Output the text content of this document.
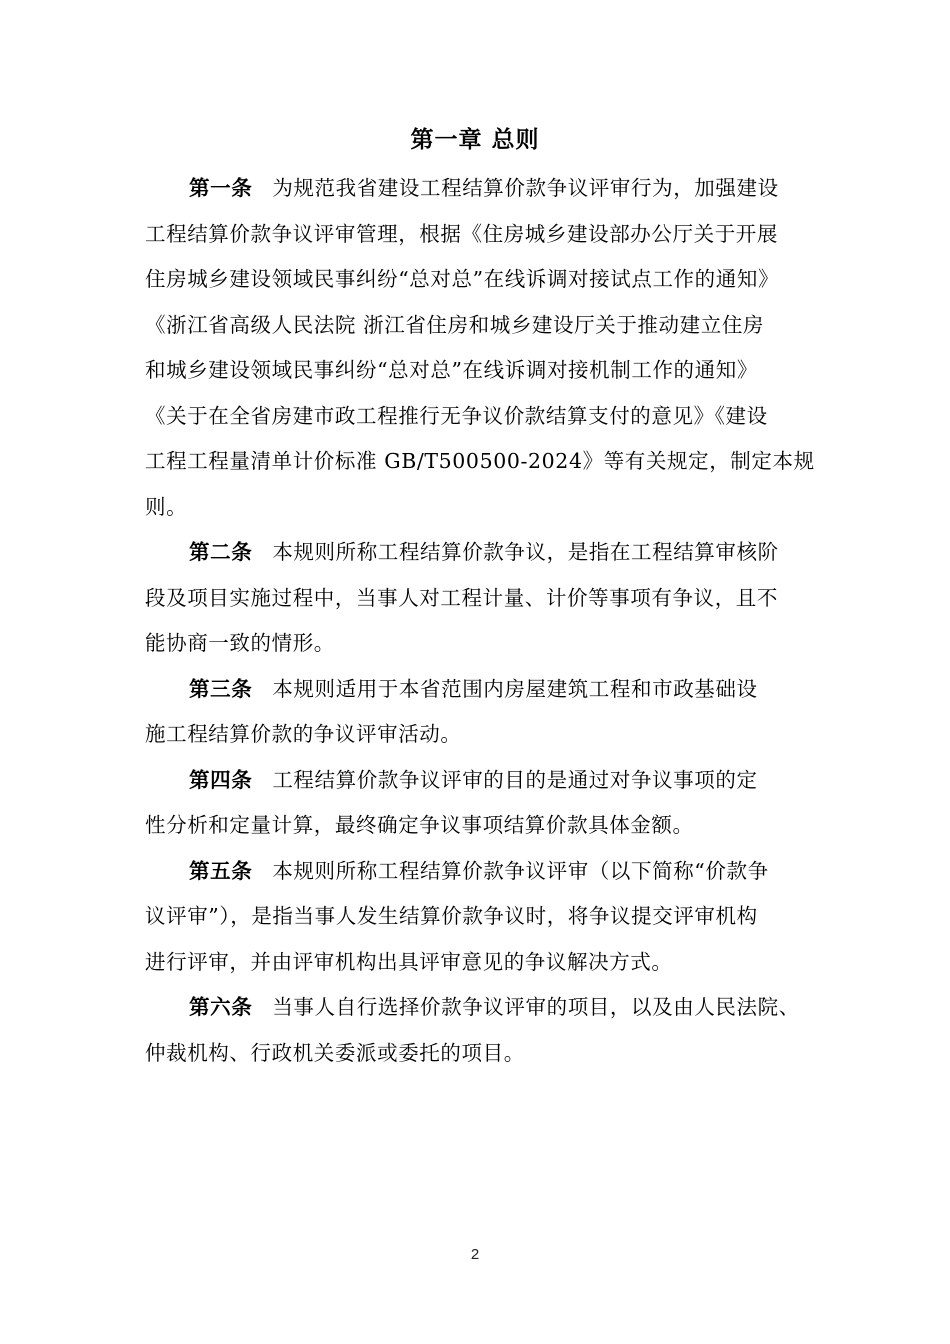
第一章 总则
第一条 为规范我省建设工程结算价款争议评审行为，加强建设
工程结算价款争议评审管理，根据《住房城乡建设部办公厅关于开展
住房城乡建设领域民事纠纷“总对总”在线诉调对接试点工作的通知》
《浙江省高级人民法院 浙江省住房和城乡建设厅关于推动建立住房
和城乡建设领域民事纠纷“总对总”在线诉调对接机制工作的通知》
《关于在全省房建市政工程推行无争议价款结算支付的意见》《建设
工程工程量清单计价标准 GB/T500500-2024》等有关规定，制定本规
则。
第二条 本规则所称工程结算价款争议，是指在工程结算审核阶
段及项目实施过程中，当事人对工程计量、计价等事项有争议，且不
能协商一致的情形。
第三条 本规则适用于本省范围内房屋建筑工程和市政基础设
施工程结算价款的争议评审活动。
第四条 工程结算价款争议评审的目的是通过对争议事项的定
性分析和定量计算，最终确定争议事项结算价款具体金额。
第五条 本规则所称工程结算价款争议评审（以下简称“价款争
议评审”），是指当事人发生结算价款争议时，将争议提交评审机构
进行评审，并由评审机构出具评审意见的争议解决方式。
第六条 当事人自行选择价款争议评审的项目，以及由人民法院、
仲裁机构、行政机关委派或委托的项目。
2
